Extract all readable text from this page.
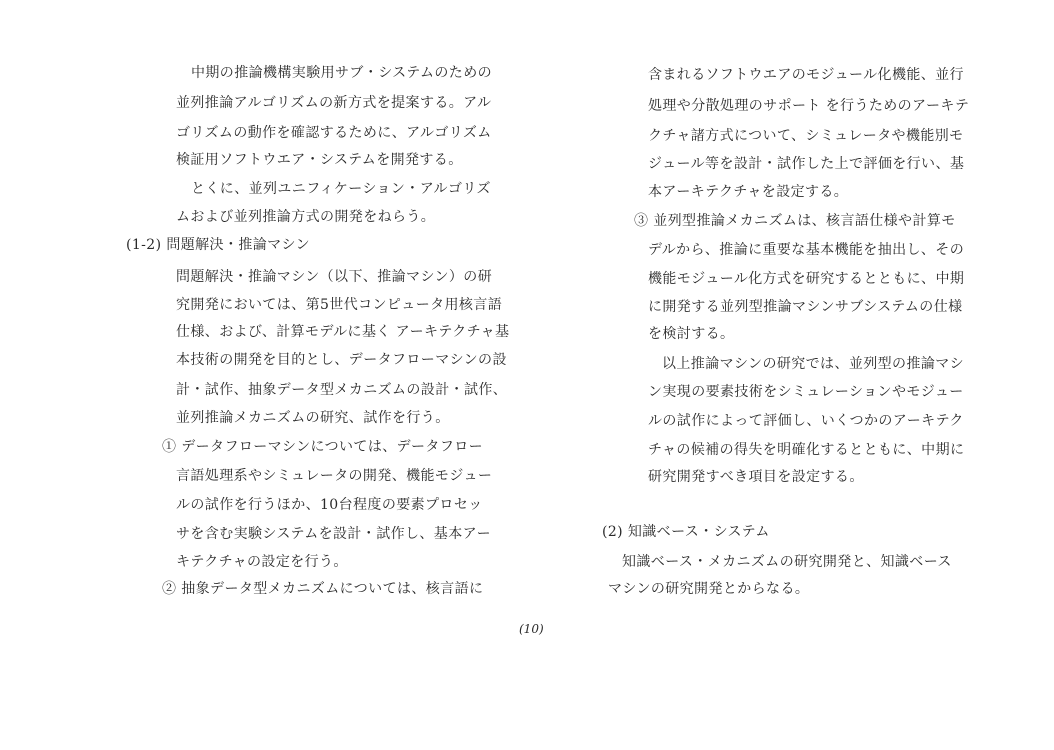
中期の推論機構実験用サブ・システムのための
並列推論アルゴリズムの新方式を提案する。アル
ゴリズムの動作を確認するために、アルゴリズム
検証用ソフトウエア・システムを開発する。
とくに、並列ユニフィケーション・アルゴリズ
ムおよび並列推論方式の開発をねらう。
(1-2) 問題解決・推論マシン
問題解決・推論マシン（以下、推論マシン）の研
究開発においては、第5世代コンピュータ用核言語
仕様、および、計算モデルに基く アーキテクチャ基
本技術の開発を目的とし、データフローマシンの設
計・試作、抽象データ型メカニズムの設計・試作、
並列推論メカニズムの研究、試作を行う。
① データフローマシンについては、データフロー
言語処理系やシミュレータの開発、機能モジュー
ルの試作を行うほか、10台程度の要素プロセッ
サを含む実験システムを設計・試作し、基本アー
キテクチャの設定を行う。
② 抽象データ型メカニズムについては、核言語に
含まれるソフトウエアのモジュール化機能、並行
処理や分散処理のサポート を行うためのアーキテ
クチャ諸方式について、シミュレータや機能別モ
ジュール等を設計・試作した上で評価を行い、基
本アーキテクチャを設定する。
③ 並列型推論メカニズムは、核言語仕様や計算モ
デルから、推論に重要な基本機能を抽出し、その
機能モジュール化方式を研究するとともに、中期
に開発する並列型推論マシンサブシステムの仕様
を検討する。
以上推論マシンの研究では、並列型の推論マシ
ン実現の要素技術をシミュレーションやモジュー
ルの試作によって評価し、いくつかのアーキテク
チャの候補の得失を明確化するとともに、中期に
研究開発すべき項目を設定する。
(2) 知識ベース・システム
知識ベース・メカニズムの研究開発と、知識ベース
マシンの研究開発とからなる。
(10)
